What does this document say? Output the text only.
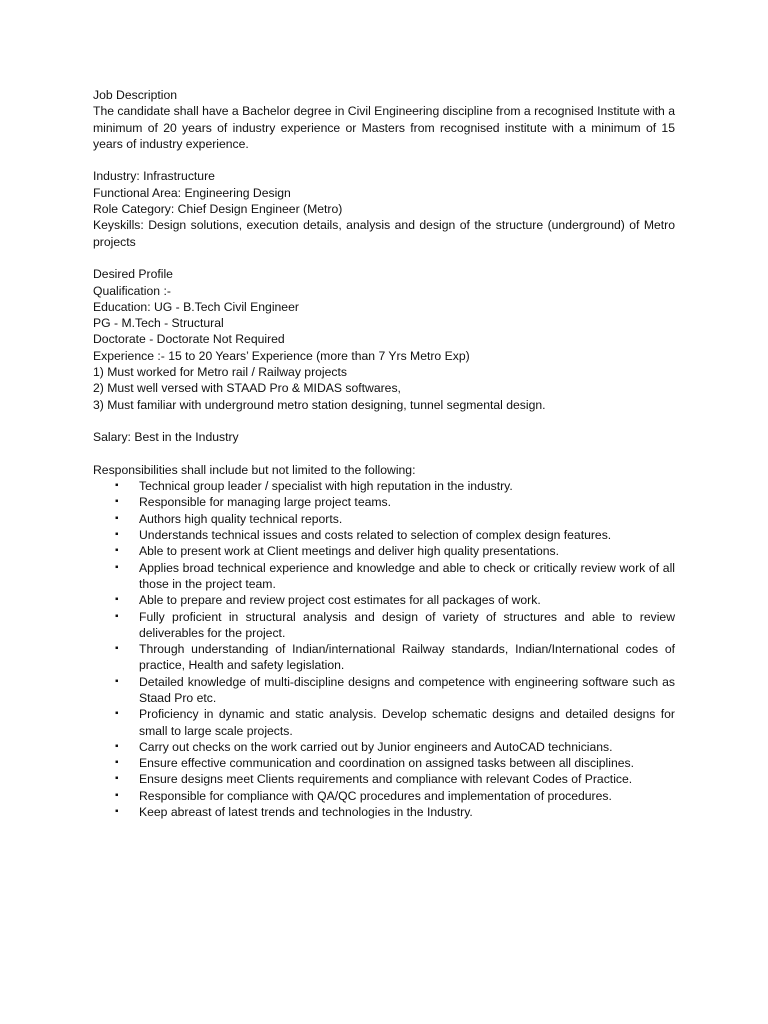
Job Description

The candidate shall have a Bachelor degree in Civil Engineering discipline from a recognised Institute with a minimum of 20 years of industry experience or Masters from recognised institute with a minimum of 15 years of industry experience.

Industry: Infrastructure

Functional Area: Engineering Design

Role Category: Chief Design Engineer (Metro)

Keyskills: Design solutions, execution details, analysis and design of the structure (underground) of Metro projects

Desired Profile

Qualification :-

Education: UG - B.Tech Civil Engineer

PG - M.Tech - Structural

Doctorate - Doctorate Not Required

Experience :- 15 to 20 Years’ Experience (more than 7 Yrs Metro Exp)

1) Must worked for Metro rail / Railway projects

2) Must well versed with STAAD Pro & MIDAS softwares,

3) Must familiar with underground metro station designing, tunnel segmental design.

Salary: Best in the Industry

Responsibilities shall include but not limited to the following:

▪	Technical group leader / specialist with high reputation in the industry.
▪	Responsible for managing large project teams.
▪	Authors high quality technical reports.
▪	Understands technical issues and costs related to selection of complex design features.
▪	Able to present work at Client meetings and deliver high quality presentations.
▪	Applies broad technical experience and knowledge and able to check or critically review work of all those in the project team.
▪	Able to prepare and review project cost estimates for all packages of work.
▪	Fully proficient in structural analysis and design of variety of structures and able to review deliverables for the project.
▪	Through understanding of Indian/international Railway standards, Indian/International codes of practice, Health and safety legislation.
▪	Detailed knowledge of multi-discipline designs and competence with engineering software such as Staad Pro etc.
▪	Proficiency in dynamic and static analysis. Develop schematic designs and detailed designs for small to large scale projects.
▪	Carry out checks on the work carried out by Junior engineers and AutoCAD technicians.
▪	Ensure effective communication and coordination on assigned tasks between all disciplines.
▪	Ensure designs meet Clients requirements and compliance with relevant Codes of Practice.
▪	Responsible for compliance with QA/QC procedures and implementation of procedures.
▪	Keep abreast of latest trends and technologies in the Industry.
